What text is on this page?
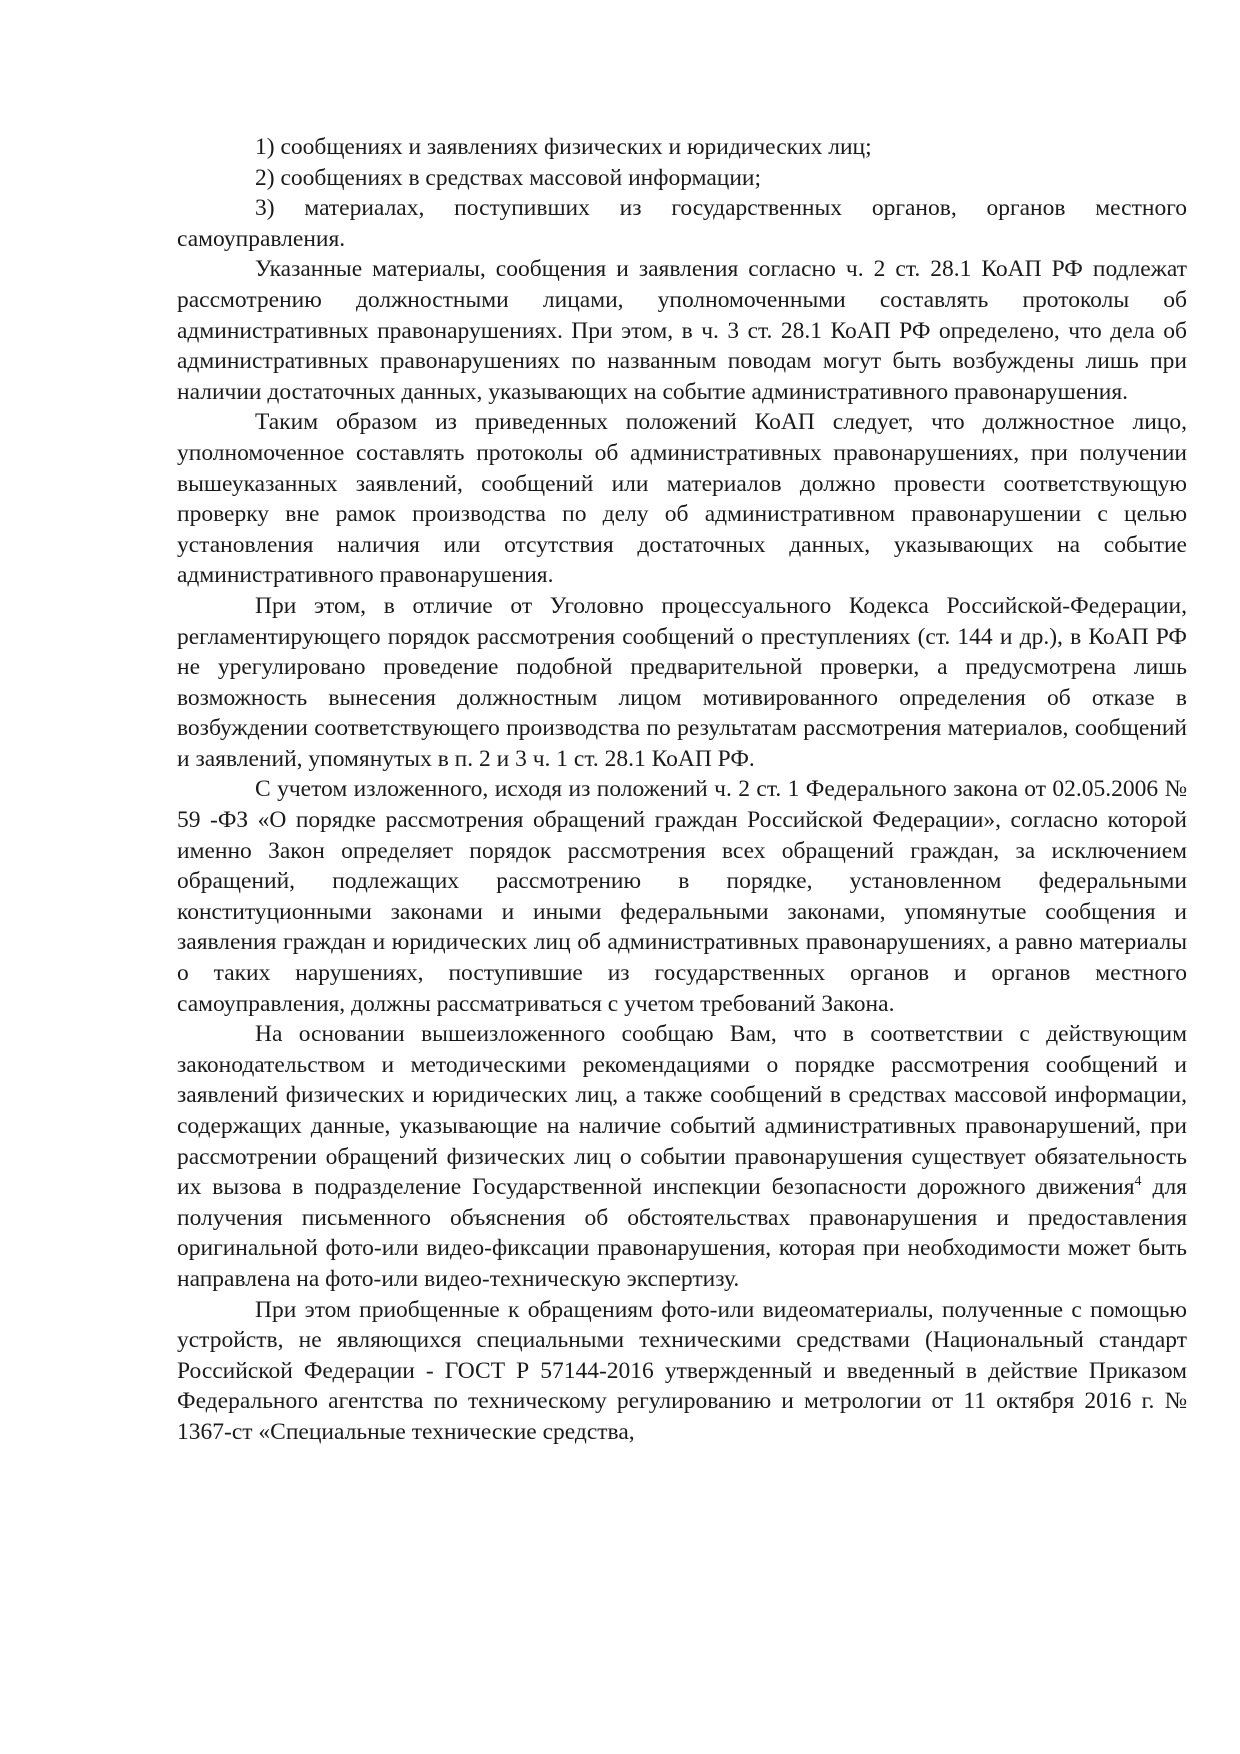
1) сообщениях и заявлениях физических и юридических лиц;

2) сообщениях в средствах массовой информации;

3) материалах, поступивших из государственных органов, органов местного самоуправления.

Указанные материалы, сообщения и заявления согласно ч. 2 ст. 28.1 КоАП РФ подлежат рассмотрению должностными лицами, уполномоченными составлять протоколы об административных правонарушениях. При этом, в ч. 3 ст. 28.1 КоАП РФ определено, что дела об административных правонарушениях по названным поводам могут быть возбуждены лишь при наличии достаточных данных, указывающих на событие административного правонарушения.

Таким образом из приведенных положений КоАП следует, что должностное лицо, уполномоченное составлять протоколы об административных правонарушениях, при получении вышеуказанных заявлений, сообщений или материалов должно провести соответствующую проверку вне рамок производства по делу об административном правонарушении с целью установления наличия или отсутствия достаточных данных, указывающих на событие административного правонарушения.

При этом, в отличие от Уголовно процессуального Кодекса Российской-Федерации, регламентирующего порядок рассмотрения сообщений о преступлениях (ст. 144 и др.), в КоАП РФ не урегулировано проведение подобной предварительной проверки, а предусмотрена лишь возможность вынесения должностным лицом мотивированного определения об отказе в возбуждении соответствующего производства по результатам рассмотрения материалов, сообщений и заявлений, упомянутых в п. 2 и 3 ч. 1 ст. 28.1 КоАП РФ.

С учетом изложенного, исходя из положений ч. 2 ст. 1 Федерального закона от 02.05.2006 № 59 -ФЗ «О порядке рассмотрения обращений граждан Российской Федерации», согласно которой именно Закон определяет порядок рассмотрения всех обращений граждан, за исключением обращений, подлежащих рассмотрению в порядке, установленном федеральными конституционными законами и иными федеральными законами, упомянутые сообщения и заявления граждан и юридических лиц об административных правонарушениях, а равно материалы о таких нарушениях, поступившие из государственных органов и органов местного самоуправления, должны рассматриваться с учетом требований Закона.

На основании вышеизложенного сообщаю Вам, что в соответствии с действующим законодательством и методическими рекомендациями о порядке рассмотрения сообщений и заявлений физических и юридических лиц, а также сообщений в средствах массовой информации, содержащих данные, указывающие на наличие событий административных правонарушений, при рассмотрении обращений физических лиц о событии правонарушения существует обязательность их вызова в подразделение Государственной инспекции безопасности дорожного движения$^4$ для получения письменного объяснения об обстоятельствах правонарушения и предоставления оригинальной фото-или видео-фиксации правонарушения, которая при необходимости может быть направлена на фото-или видео-техническую экспертизу.

При этом приобщенные к обращениям фото-или видеоматериалы, полученные с помощью устройств, не являющихся специальными техническими средствами (Национальный стандарт Российской Федерации - ГОСТ Р 57144-2016 утвержденный и введенный в действие Приказом Федерального агентства по техническому регулированию и метрологии от 11 октября 2016 г. № 1367-ст «Специальные технические средства,
